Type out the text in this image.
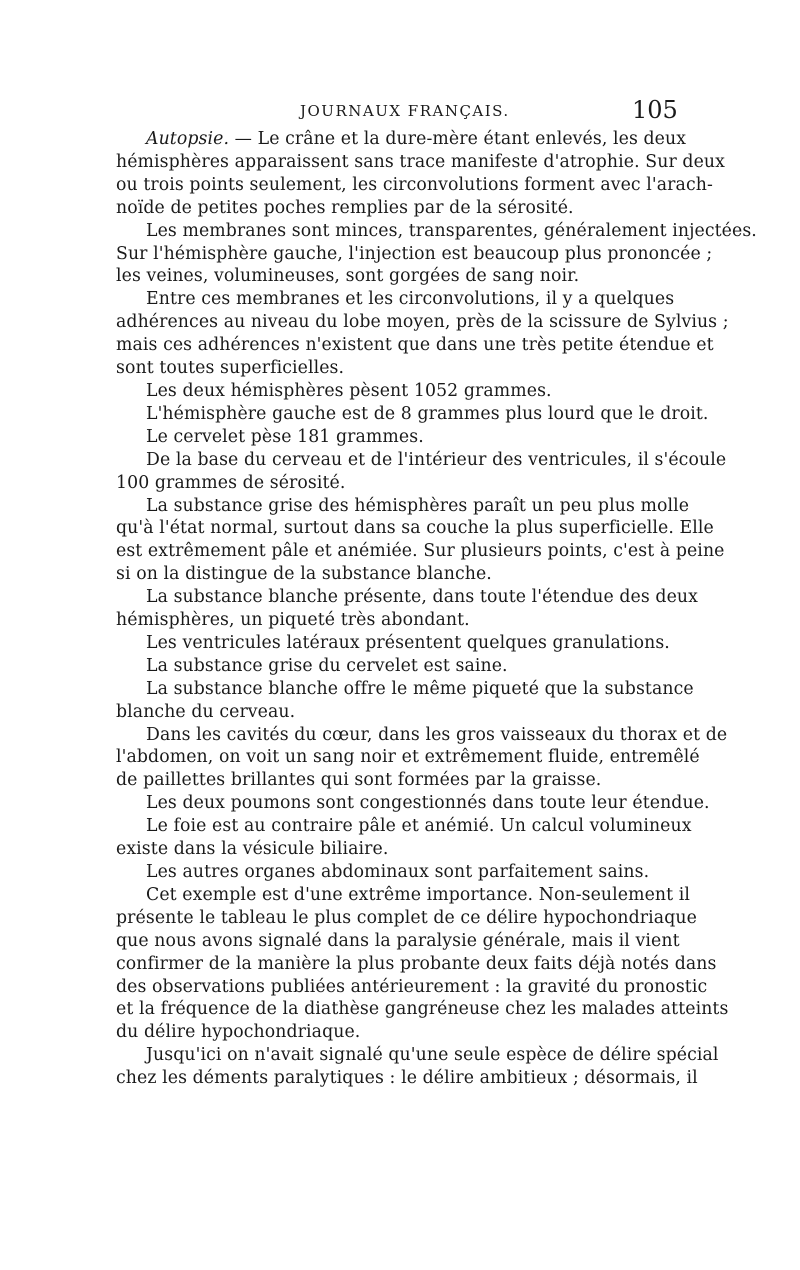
JOURNAUX FRANÇAIS.	105
Autopsie. — Le crâne et la dure-mère étant enlevés, les deux
hémisphères apparaissent sans trace manifeste d'atrophie. Sur deux
ou trois points seulement, les circonvolutions forment avec l'arach-
noïde de petites poches remplies par de la sérosité.
Les membranes sont minces, transparentes, généralement injectées.
Sur l'hémisphère gauche, l'injection est beaucoup plus prononcée ;
les veines, volumineuses, sont gorgées de sang noir.
Entre ces membranes et les circonvolutions, il y a quelques
adhérences au niveau du lobe moyen, près de la scissure de Sylvius ;
mais ces adhérences n'existent que dans une très petite étendue et
sont toutes superficielles.
Les deux hémisphères pèsent 1052 grammes.
L'hémisphère gauche est de 8 grammes plus lourd que le droit.
Le cervelet pèse 181 grammes.
De la base du cerveau et de l'intérieur des ventricules, il s'écoule
100 grammes de sérosité.
La substance grise des hémisphères paraît un peu plus molle
qu'à l'état normal, surtout dans sa couche la plus superficielle. Elle
est extrêmement pâle et anémiée. Sur plusieurs points, c'est à peine
si on la distingue de la substance blanche.
La substance blanche présente, dans toute l'étendue des deux
hémisphères, un piqueté très abondant.
Les ventricules latéraux présentent quelques granulations.
La substance grise du cervelet est saine.
La substance blanche offre le même piqueté que la substance
blanche du cerveau.
Dans les cavités du cœur, dans les gros vaisseaux du thorax et de
l'abdomen, on voit un sang noir et extrêmement fluide, entremêlé
de paillettes brillantes qui sont formées par la graisse.
Les deux poumons sont congestionnés dans toute leur étendue.
Le foie est au contraire pâle et anémié. Un calcul volumineux
existe dans la vésicule biliaire.
Les autres organes abdominaux sont parfaitement sains.
Cet exemple est d'une extrême importance. Non-seulement il
présente le tableau le plus complet de ce délire hypochondriaque
que nous avons signalé dans la paralysie générale, mais il vient
confirmer de la manière la plus probante deux faits déjà notés dans
des observations publiées antérieurement : la gravité du pronostic
et la fréquence de la diathèse gangréneuse chez les malades atteints
du délire hypochondriaque.
Jusqu'ici on n'avait signalé qu'une seule espèce de délire spécial
chez les déments paralytiques : le délire ambitieux ; désormais, il
